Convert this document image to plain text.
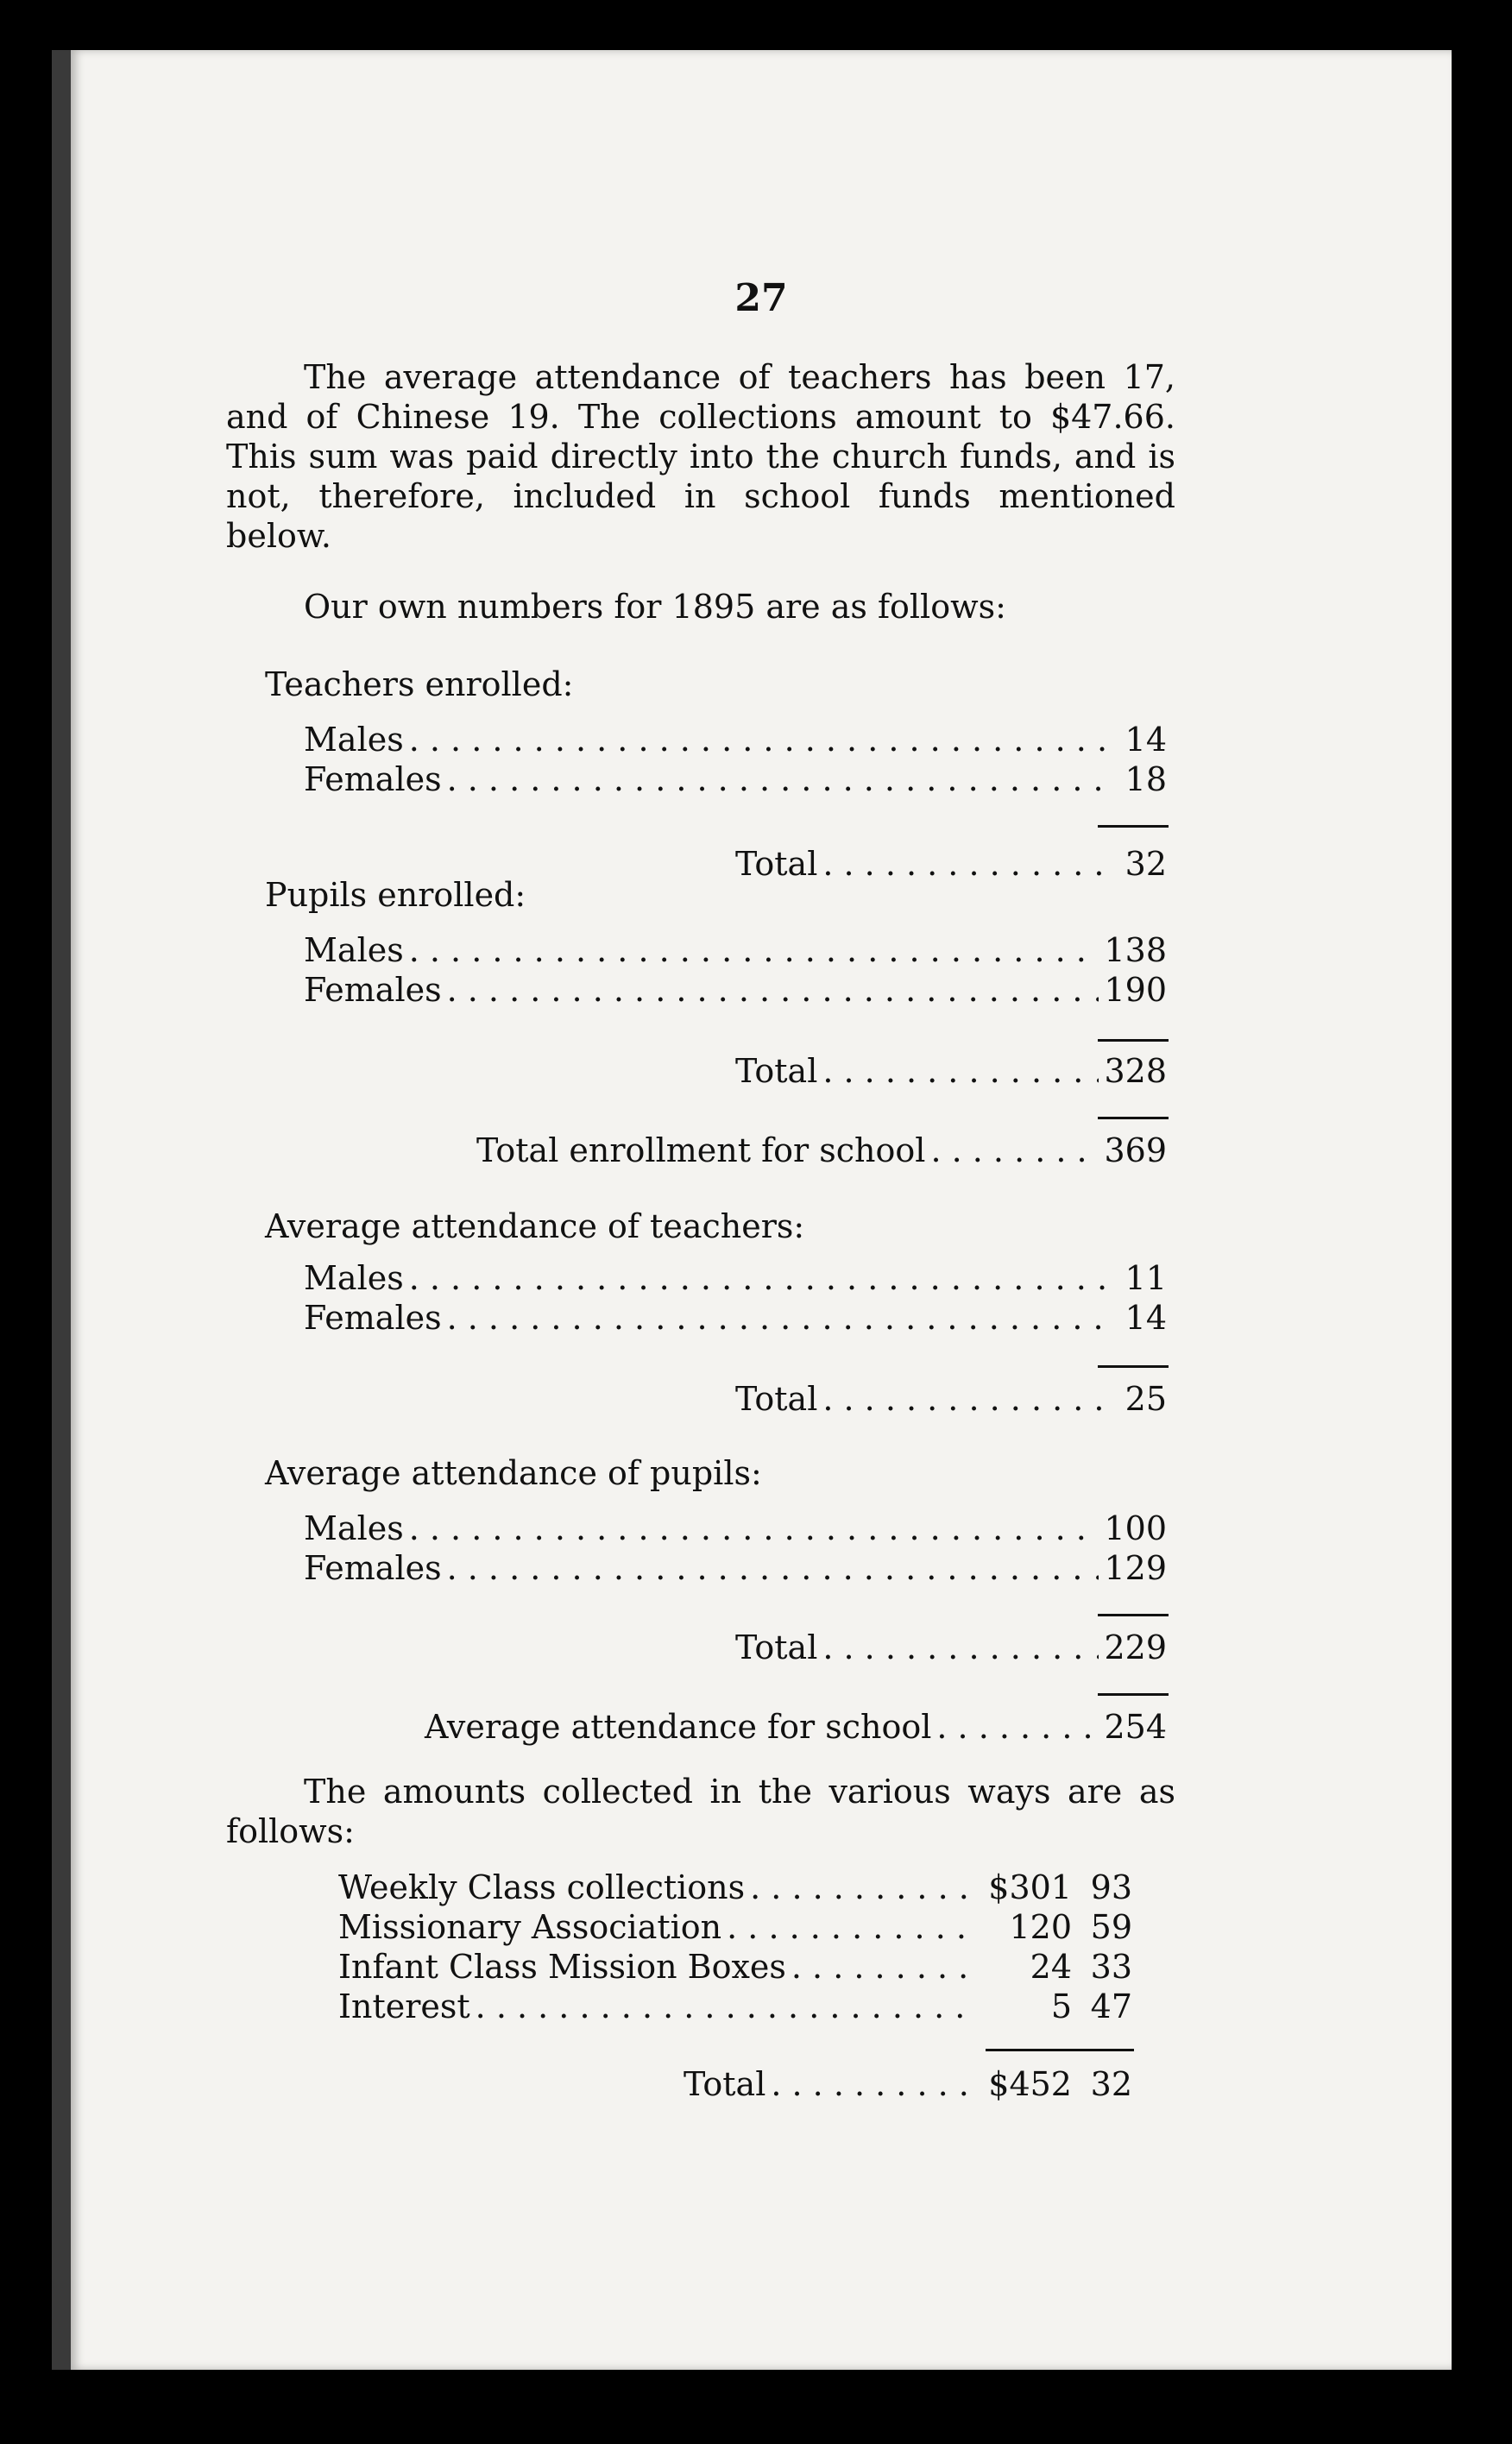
27

The average attendance of teachers has been 17, and of Chinese 19. The collections amount to $47.66. This sum was paid directly into the church funds, and is not, therefore, included in school funds mentioned below.

Our own numbers for 1895 are as follows:

Teachers enrolled:
Males . . .	14
Females . . .	18
Total . . .	32
Pupils enrolled:
Males . . .	138
Females . . .	190
Total . . .	328
Total enrollment for school . . .	369
Average attendance of teachers:
Males . . .	11
Females . . .	14
Total . . .	25
Average attendance of pupils:
Males . . .	100
Females . . .	129
Total . . .	229
Average attendance for school . . .	254

The amounts collected in the various ways are as follows:

Weekly Class collections . . .	$301 93
Missionary Association . . .	120 59
Infant Class Mission Boxes . . .	24 33
Interest . . .	5 47
Total . . .	$452 32
